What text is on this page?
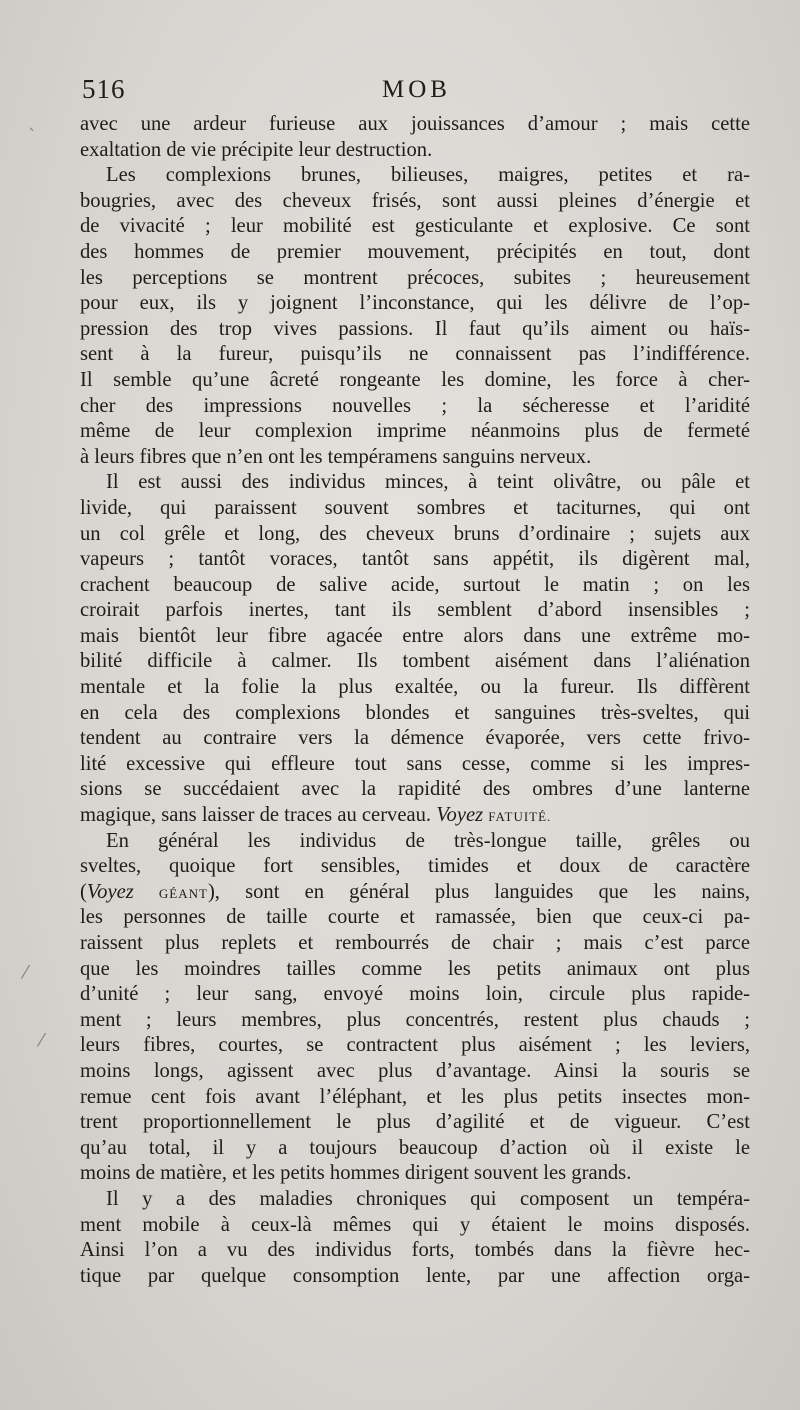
516	MOB
ˋ
⁄
⁄
avec une ardeur furieuse aux jouissances d’amour ; mais cette
exaltation de vie précipite leur destruction.
Les complexions brunes, bilieuses, maigres, petites et ra-
bougries, avec des cheveux frisés, sont aussi pleines d’énergie et
de vivacité ; leur mobilité est gesticulante et explosive. Ce sont
des hommes de premier mouvement, précipités en tout, dont
les perceptions se montrent précoces, subites ; heureusement
pour eux, ils y joignent l’inconstance, qui les délivre de l’op-
pression des trop vives passions. Il faut qu’ils aiment ou haïs-
sent à la fureur, puisqu’ils ne connaissent pas l’indifférence.
Il semble qu’une âcreté rongeante les domine, les force à cher-
cher des impressions nouvelles ; la sécheresse et l’aridité
même de leur complexion imprime néanmoins plus de fermeté
à leurs fibres que n’en ont les tempéramens sanguins nerveux.
Il est aussi des individus minces, à teint olivâtre, ou pâle et
livide, qui paraissent souvent sombres et taciturnes, qui ont
un col grêle et long, des cheveux bruns d’ordinaire ; sujets aux
vapeurs ; tantôt voraces, tantôt sans appétit, ils digèrent mal,
crachent beaucoup de salive acide, surtout le matin ; on les
croirait parfois inertes, tant ils semblent d’abord insensibles ;
mais bientôt leur fibre agacée entre alors dans une extrême mo-
bilité difficile à calmer. Ils tombent aisément dans l’aliénation
mentale et la folie la plus exaltée, ou la fureur. Ils diffèrent
en cela des complexions blondes et sanguines très-sveltes, qui
tendent au contraire vers la démence évaporée, vers cette frivo-
lité excessive qui effleure tout sans cesse, comme si les impres-
sions se succédaient avec la rapidité des ombres d’une lanterne
magique, sans laisser de traces au cerveau. Voyez FATUITÉ.
En général les individus de très-longue taille, grêles ou
sveltes, quoique fort sensibles, timides et doux de caractère
(Voyez GÉANT), sont en général plus languides que les nains,
les personnes de taille courte et ramassée, bien que ceux-ci pa-
raissent plus replets et rembourrés de chair ; mais c’est parce
que les moindres tailles comme les petits animaux ont plus
d’unité ; leur sang, envoyé moins loin, circule plus rapide-
ment ; leurs membres, plus concentrés, restent plus chauds ;
leurs fibres, courtes, se contractent plus aisément ; les leviers,
moins longs, agissent avec plus d’avantage. Ainsi la souris se
remue cent fois avant l’éléphant, et les plus petits insectes mon-
trent proportionnellement le plus d’agilité et de vigueur. C’est
qu’au total, il y a toujours beaucoup d’action où il existe le
moins de matière, et les petits hommes dirigent souvent les grands.
Il y a des maladies chroniques qui composent un tempéra-
ment mobile à ceux-là mêmes qui y étaient le moins disposés.
Ainsi l’on a vu des individus forts, tombés dans la fièvre hec-
tique par quelque consomption lente, par une affection orga-
